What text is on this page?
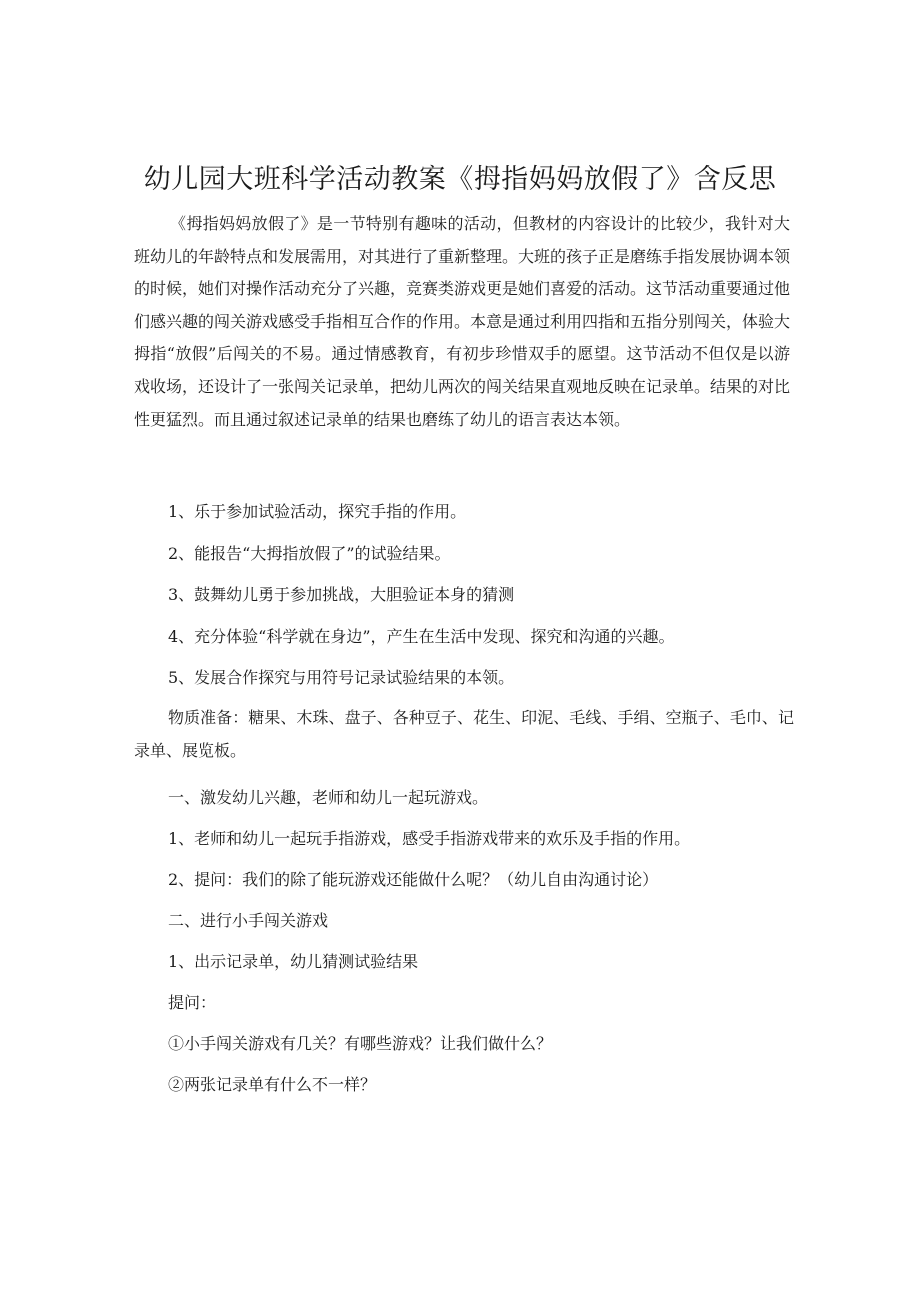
幼儿园大班科学活动教案《拇指妈妈放假了》含反思

《拇指妈妈放假了》是一节特别有趣味的活动，但教材的内容设计的比较少，我针对大班幼儿的年龄特点和发展需用，对其进行了重新整理。大班的孩子正是磨练手指发展协调本领的时候，她们对操作活动充分了兴趣，竞赛类游戏更是她们喜爱的活动。这节活动重要通过他们感兴趣的闯关游戏感受手指相互合作的作用。本意是通过利用四指和五指分别闯关，体验大拇指“放假”后闯关的不易。通过情感教育，有初步珍惜双手的愿望。这节活动不但仅是以游戏收场，还设计了一张闯关记录单，把幼儿两次的闯关结果直观地反映在记录单。结果的对比性更猛烈。而且通过叙述记录单的结果也磨练了幼儿的语言表达本领。

1、乐于参加试验活动，探究手指的作用。

2、能报告“大拇指放假了”的试验结果。

3、鼓舞幼儿勇于参加挑战，大胆验证本身的猜测

4、充分体验“科学就在身边”，产生在生活中发现、探究和沟通的兴趣。

5、发展合作探究与用符号记录试验结果的本领。

物质准备：糖果、木珠、盘子、各种豆子、花生、印泥、毛线、手绢、空瓶子、毛巾、记录单、展览板。

一、激发幼儿兴趣，老师和幼儿一起玩游戏。

1、老师和幼儿一起玩手指游戏，感受手指游戏带来的欢乐及手指的作用。

2、提问：我们的除了能玩游戏还能做什么呢？（幼儿自由沟通讨论）

二、进行小手闯关游戏

1、出示记录单，幼儿猜测试验结果

提问：

①小手闯关游戏有几关？有哪些游戏？让我们做什么？

②两张记录单有什么不一样？
